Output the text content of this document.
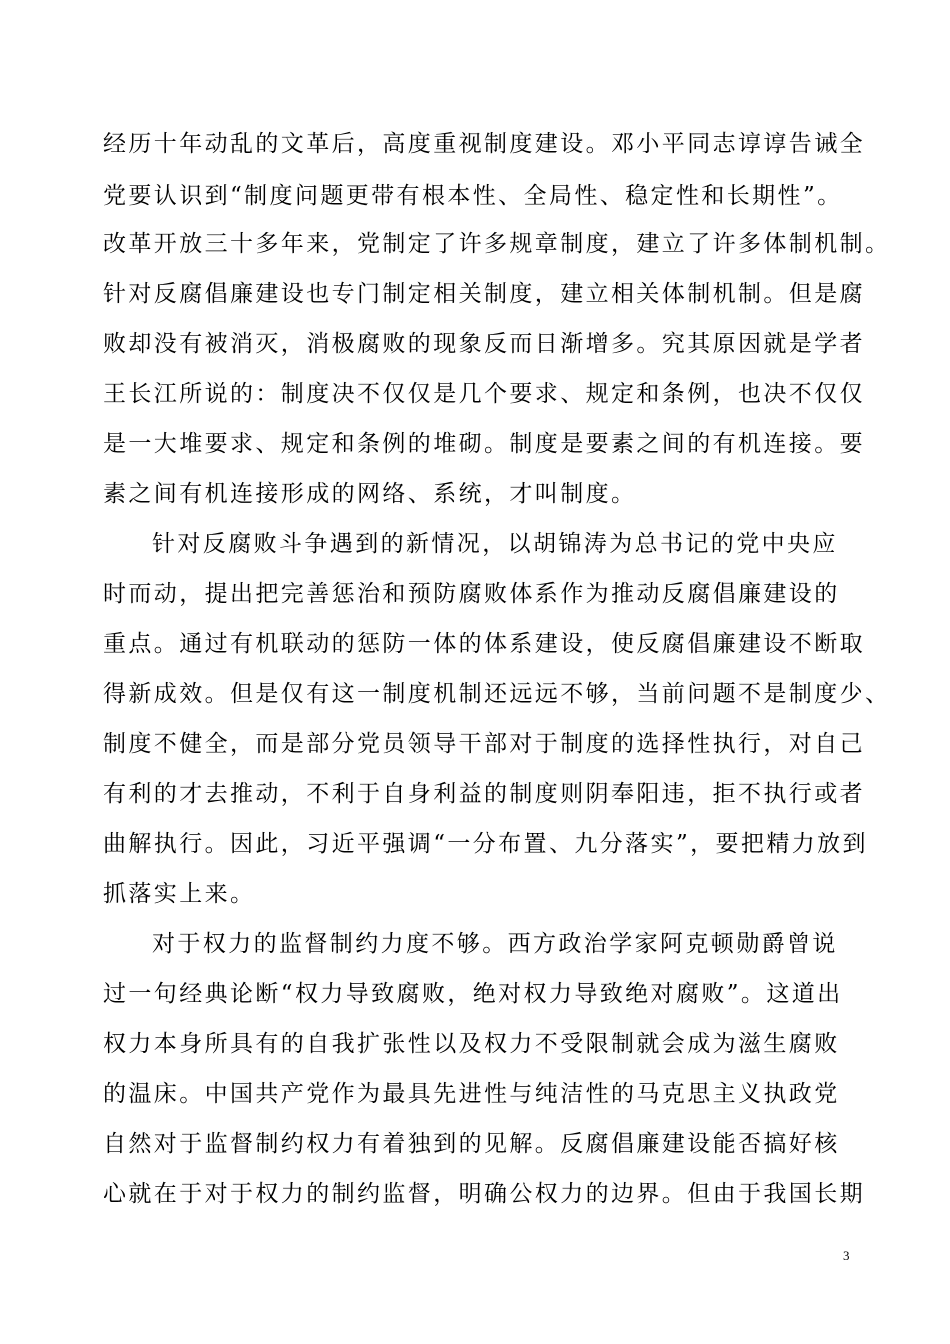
经历十年动乱的文革后，高度重视制度建设。邓小平同志谆谆告诫全
党要认识到“制度问题更带有根本性、全局性、稳定性和长期性”。
改革开放三十多年来，党制定了许多规章制度，建立了许多体制机制。
针对反腐倡廉建设也专门制定相关制度，建立相关体制机制。但是腐
败却没有被消灭，消极腐败的现象反而日渐增多。究其原因就是学者
王长江所说的：制度决不仅仅是几个要求、规定和条例，也决不仅仅
是一大堆要求、规定和条例的堆砌。制度是要素之间的有机连接。要
素之间有机连接形成的网络、系统，才叫制度。
针对反腐败斗争遇到的新情况，以胡锦涛为总书记的党中央应
时而动，提出把完善惩治和预防腐败体系作为推动反腐倡廉建设的
重点。通过有机联动的惩防一体的体系建设，使反腐倡廉建设不断取
得新成效。但是仅有这一制度机制还远远不够，当前问题不是制度少、
制度不健全，而是部分党员领导干部对于制度的选择性执行，对自己
有利的才去推动，不利于自身利益的制度则阴奉阳违，拒不执行或者
曲解执行。因此，习近平强调“一分布置、九分落实”，要把精力放到
抓落实上来。
对于权力的监督制约力度不够。西方政治学家阿克顿勋爵曾说
过一句经典论断“权力导致腐败，绝对权力导致绝对腐败”。这道出
权力本身所具有的自我扩张性以及权力不受限制就会成为滋生腐败
的温床。中国共产党作为最具先进性与纯洁性的马克思主义执政党
自然对于监督制约权力有着独到的见解。反腐倡廉建设能否搞好核
心就在于对于权力的制约监督，明确公权力的边界。但由于我国长期
3
